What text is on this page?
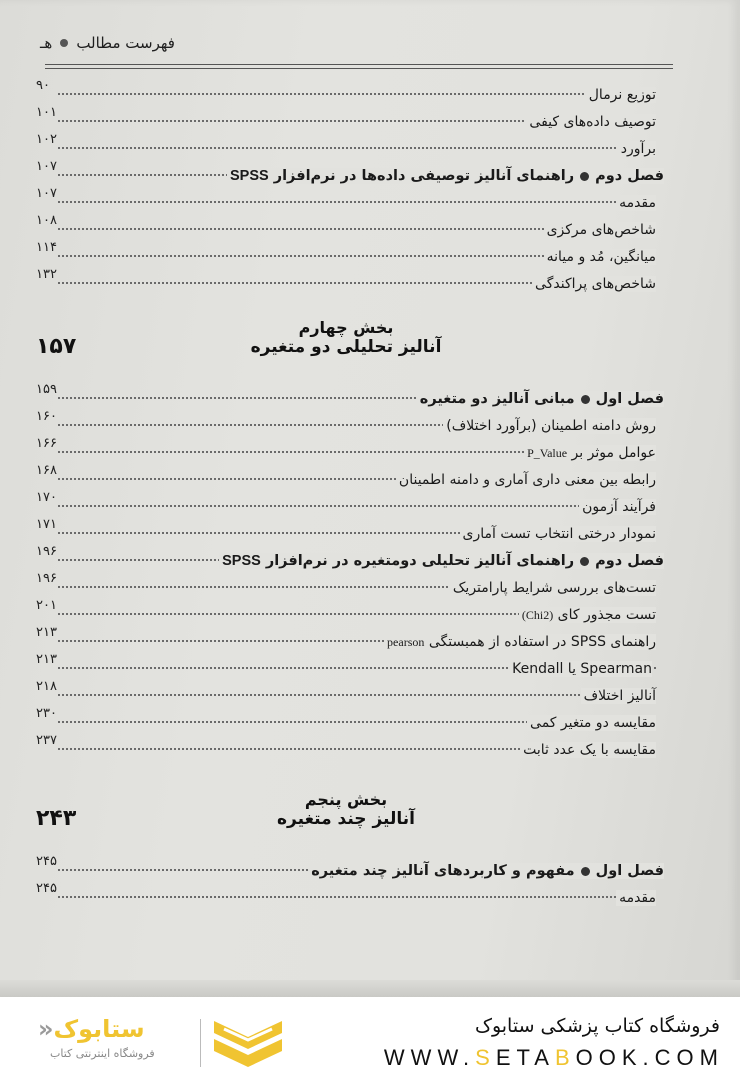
فهرست مطالب
هـ
۹۰
توزیع نرمال
۱۰۱
توصیف داده‌های کیفی
۱۰۲
برآورد
۱۰۷
فصل دومراهنمای آنالیز توصیفی داده‌ها در نرم‌افزار SPSS
۱۰۷
مقدمه
۱۰۸
شاخص‌های مرکزی
۱۱۴
میانگین، مُد و میانه
۱۳۲
شاخص‌های پراکندگی
بخش چهارم
آنالیز تحلیلی دو متغیره
۱۵۷
۱۵۹
فصل اولمبانی آنالیز دو متغیره
۱۶۰
روش دامنه اطمینان (برآورد اختلاف)
۱۶۶
عوامل موثر بر P_Value
۱۶۸
رابطه بین معنی داری آماری و دامنه اطمینان
۱۷۰
فرآیند آزمون
۱۷۱
نمودار درختی انتخاب تست آماری
۱۹۶
فصل دومراهنمای آنالیز تحلیلی دومتغیره در نرم‌افزار SPSS
۱۹۶
تست‌های بررسی شرایط پارامتریک
۲۰۱
تست مجذور کای (Chi2)
۲۱۳
راهنمای SPSS در استفاده از همبستگی pearson
۲۱۳
Spearman یا Kendall
۲۱۸
آنالیز اختلاف
۲۳۰
مقایسه دو متغیر کمی
۲۳۷
مقایسه با یک عدد ثابت
بخش پنجم
آنالیز چند متغیره
۲۴۳
۲۴۵
فصل اولمفهوم و کاربردهای آنالیز چند متغیره
۲۴۵
مقدمه
ستابوک«
فروشگاه اینترنتی کتاب
فروشگاه کتاب پزشکی ستابوک
WWW.SETABOOK.COM
